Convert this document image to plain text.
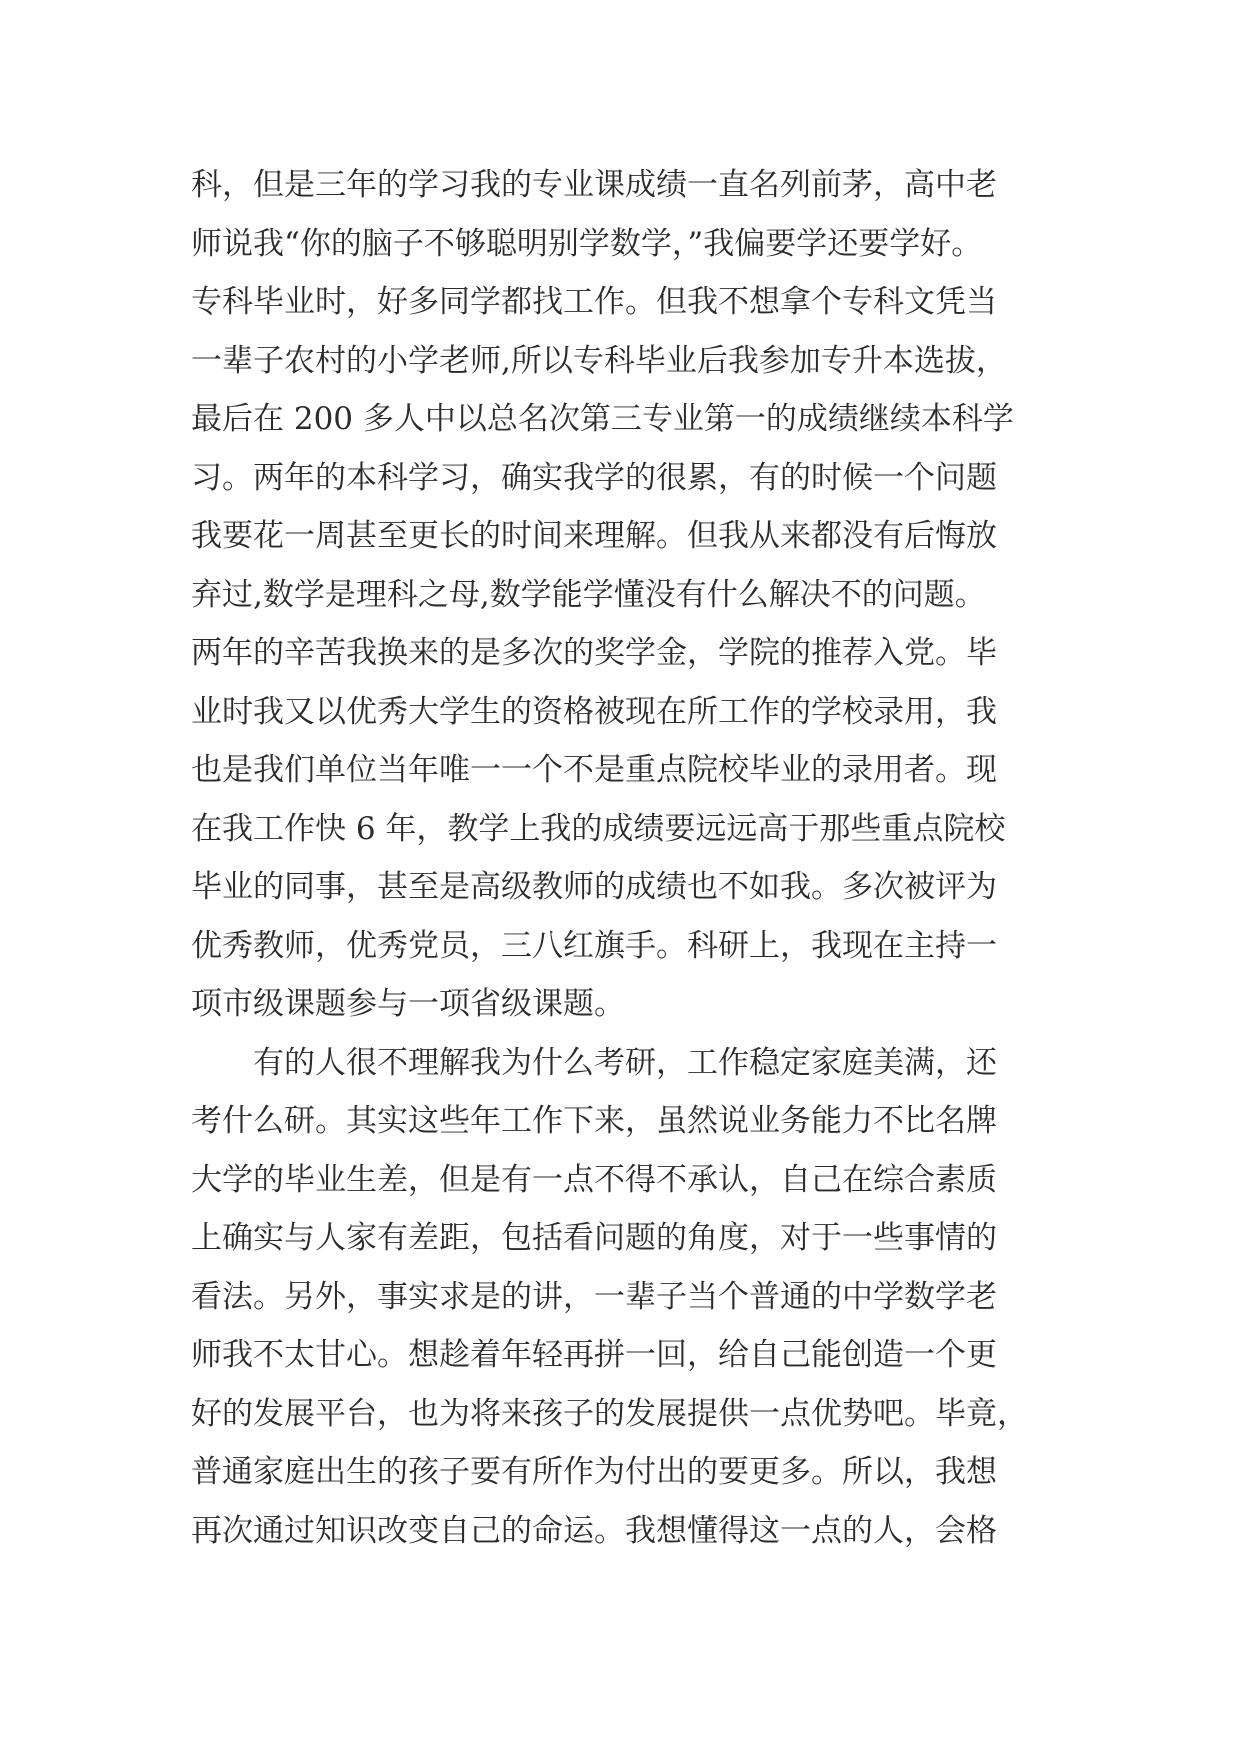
科，但是三年的学习我的专业课成绩一直名列前茅，高中老
师说我“你的脑子不够聪明别学数学，”我偏要学还要学好。
专科毕业时，好多同学都找工作。但我不想拿个专科文凭当
一辈子农村的小学老师,所以专科毕业后我参加专升本选拔，
最后在 200 多人中以总名次第三专业第一的成绩继续本科学
习。两年的本科学习，确实我学的很累，有的时候一个问题
我要花一周甚至更长的时间来理解。但我从来都没有后悔放
弃过,数学是理科之母,数学能学懂没有什么解决不的问题。
两年的辛苦我换来的是多次的奖学金，学院的推荐入党。毕
业时我又以优秀大学生的资格被现在所工作的学校录用，我
也是我们单位当年唯一一个不是重点院校毕业的录用者。现
在我工作快 6 年，教学上我的成绩要远远高于那些重点院校
毕业的同事，甚至是高级教师的成绩也不如我。多次被评为
优秀教师，优秀党员，三八红旗手。科研上，我现在主持一
项市级课题参与一项省级课题。
　　有的人很不理解我为什么考研，工作稳定家庭美满，还
考什么研。其实这些年工作下来，虽然说业务能力不比名牌
大学的毕业生差，但是有一点不得不承认，自己在综合素质
上确实与人家有差距，包括看问题的角度，对于一些事情的
看法。另外，事实求是的讲，一辈子当个普通的中学数学老
师我不太甘心。想趁着年轻再拼一回，给自己能创造一个更
好的发展平台，也为将来孩子的发展提供一点优势吧。毕竟，
普通家庭出生的孩子要有所作为付出的要更多。所以，我想
再次通过知识改变自己的命运。我想懂得这一点的人，会格
